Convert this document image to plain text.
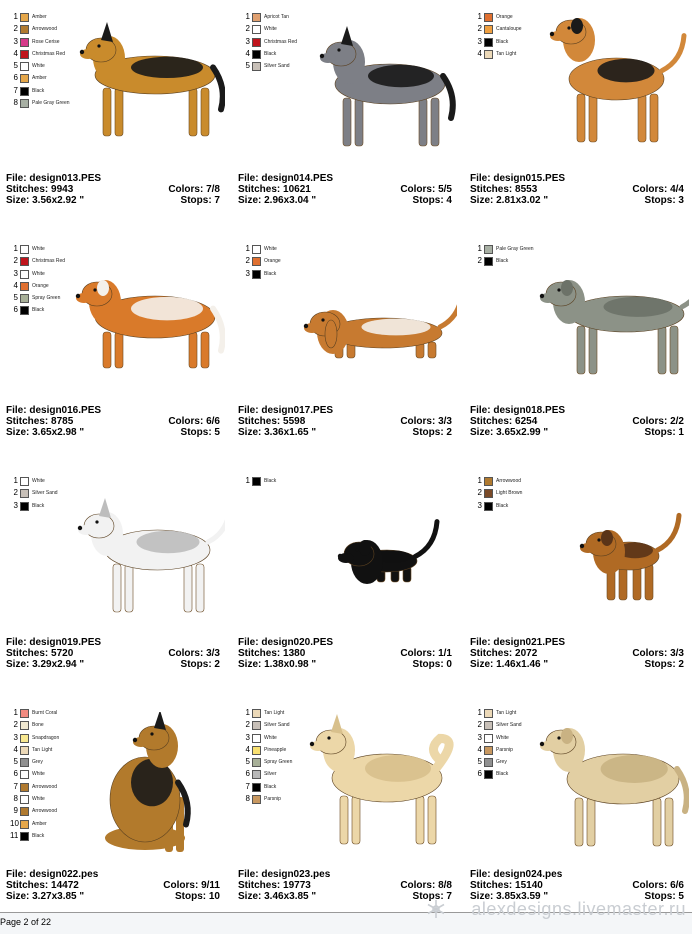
1	Amber
2	Arrowwood
3	Rose Cerise
4	Christmas Red
5	White
6	Amber
7	Black
8	Pale Gray Green
File: design013.PES
Stitches: 9943	Colors: 7/8
Size: 3.56x2.92 "	Stops: 7
1	Apricot Tan
2	White
3	Christmas Red
4	Black
5	Silver Sand
File: design014.PES
Stitches: 10621	Colors: 5/5
Size: 2.96x3.04 "	Stops: 4
1	Orange
2	Cantaloupe
3	Black
4	Tan Light
File: design015.PES
Stitches: 8553	Colors: 4/4
Size: 2.81x3.02 "	Stops: 3
1	White
2	Christmas Red
3	White
4	Orange
5	Spray Green
6	Black
File: design016.PES
Stitches: 8785	Colors: 6/6
Size: 3.65x2.98 "	Stops: 5
1	White
2	Orange
3	Black
File: design017.PES
Stitches: 5598	Colors: 3/3
Size: 3.36x1.65 "	Stops: 2
1	Pale Gray Green
2	Black
File: design018.PES
Stitches: 6254	Colors: 2/2
Size: 3.65x2.99 "	Stops: 1
1	White
2	Silver Sand
3	Black
File: design019.PES
Stitches: 5720	Colors: 3/3
Size: 3.29x2.94 "	Stops: 2
1	Black
File: design020.PES
Stitches: 1380	Colors: 1/1
Size: 1.38x0.98 "	Stops: 0
1	Arrowwood
2	Light Brown
3	Black
File: design021.PES
Stitches: 2072	Colors: 3/3
Size: 1.46x1.46 "	Stops: 2
1	Burnt Coral
2	Bone
3	Snapdragon
4	Tan Light
5	Grey
6	White
7	Arrowwood
8	White
9	Arrowwood
10	Amber
11	Black
File: design022.pes
Stitches: 14472	Colors: 9/11
Size: 3.27x3.85 "	Stops: 10
1	Tan Light
2	Silver Sand
3	White
4	Pineapple
5	Spray Green
6	Silver
7	Black
8	Parsnip
File: design023.pes
Stitches: 19773	Colors: 8/8
Size: 3.46x3.85 "	Stops: 7
1	Tan Light
2	Silver Sand
3	White
4	Parsnip
5	Grey
6	Black
File: design024.pes
Stitches: 15140	Colors: 6/6
Size: 3.85x3.59 "	Stops: 5
Page 2 of 22
alexdesigns.livemaster.ru
